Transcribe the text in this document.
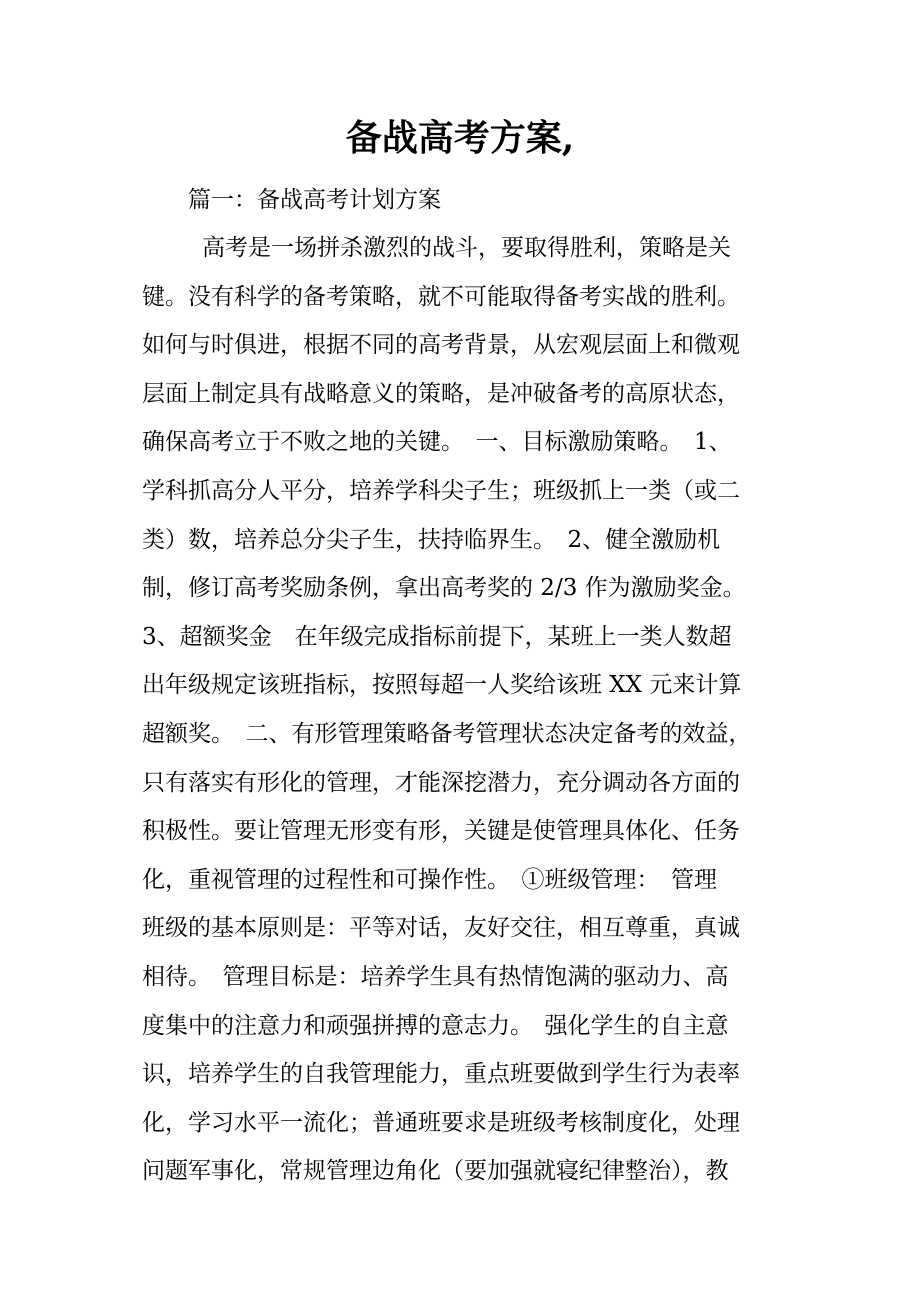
备战高考方案,
篇一：备战高考计划方案
高考是一场拼杀激烈的战斗，要取得胜利，策略是关
键。没有科学的备考策略，就不可能取得备考实战的胜利。
如何与时俱进，根据不同的高考背景，从宏观层面上和微观
层面上制定具有战略意义的策略，是冲破备考的高原状态，
确保高考立于不败之地的关键。　一、目标激励策略。　1、
学科抓高分人平分，培养学科尖子生；班级抓上一类（或二
类）数，培养总分尖子生，扶持临界生。　2、健全激励机
制，修订高考奖励条例，拿出高考奖的 2/3 作为激励奖金。
3、超额奖金　在年级完成指标前提下，某班上一类人数超
出年级规定该班指标，按照每超一人奖给该班 XX 元来计算
超额奖。　二、有形管理策略备考管理状态决定备考的效益，
只有落实有形化的管理，才能深挖潜力，充分调动各方面的
积极性。要让管理无形变有形，关键是使管理具体化、任务
化，重视管理的过程性和可操作性。　①班级管理：　管理
班级的基本原则是：平等对话，友好交往，相互尊重，真诚
相待。　管理目标是：培养学生具有热情饱满的驱动力、高
度集中的注意力和顽强拼搏的意志力。　强化学生的自主意
识，培养学生的自我管理能力，重点班要做到学生行为表率
化，学习水平一流化；普通班要求是班级考核制度化，处理
问题军事化，常规管理边角化（要加强就寝纪律整治），教
